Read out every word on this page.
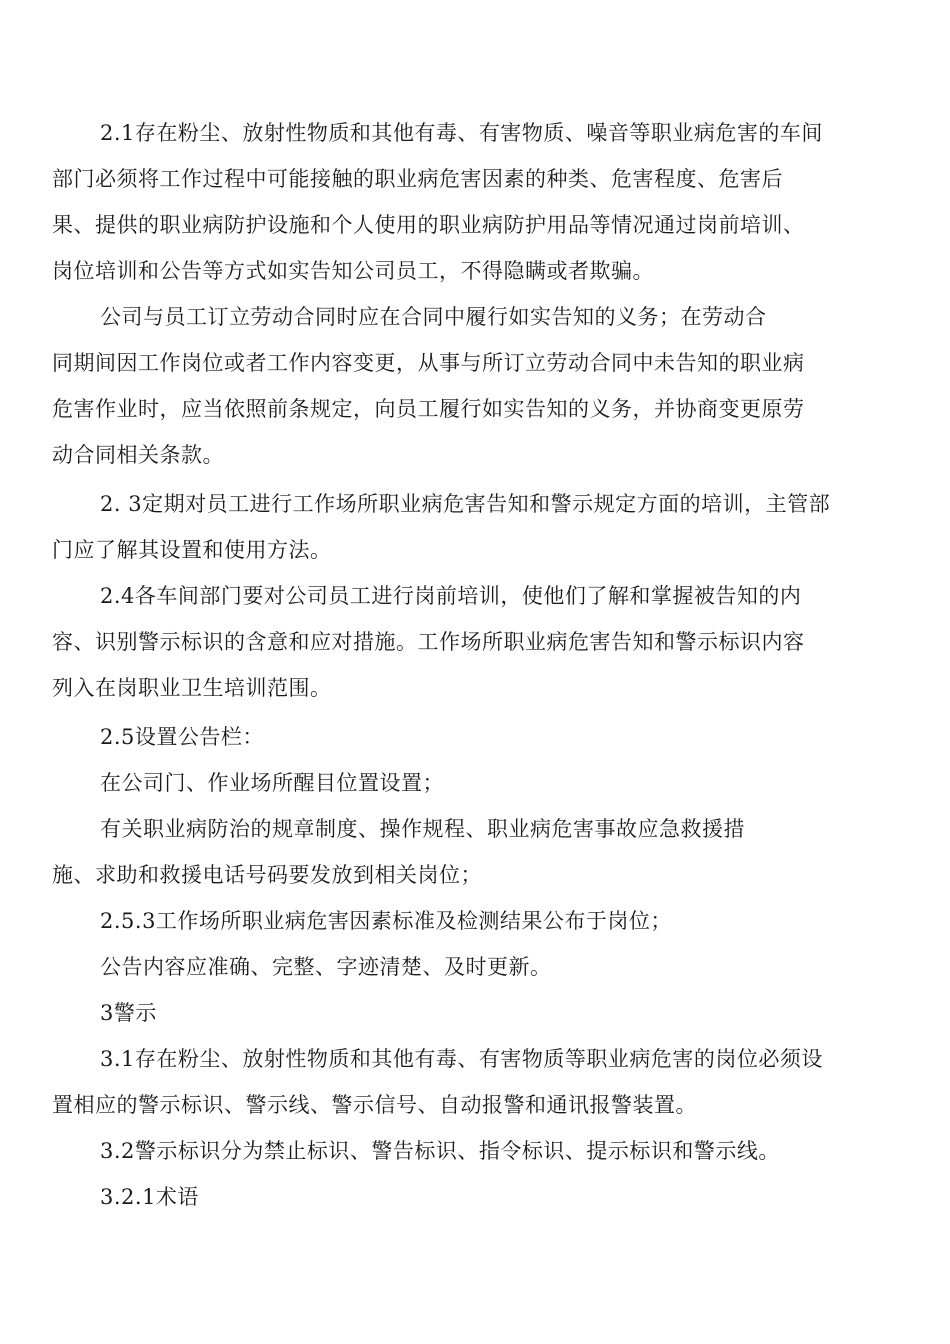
2.1存在粉尘、放射性物质和其他有毒、有害物质、噪音等职业病危害的车间
部门必须将工作过程中可能接触的职业病危害因素的种类、危害程度、危害后
果、提供的职业病防护设施和个人使用的职业病防护用品等情况通过岗前培训、
岗位培训和公告等方式如实告知公司员工，不得隐瞒或者欺骗。
公司与员工订立劳动合同时应在合同中履行如实告知的义务；在劳动合
同期间因工作岗位或者工作内容变更，从事与所订立劳动合同中未告知的职业病
危害作业时，应当依照前条规定，向员工履行如实告知的义务，并协商变更原劳
动合同相关条款。
2. 3定期对员工进行工作场所职业病危害告知和警示规定方面的培训，主管部
门应了解其设置和使用方法。
2.4各车间部门要对公司员工进行岗前培训，使他们了解和掌握被告知的内
容、识别警示标识的含意和应对措施。工作场所职业病危害告知和警示标识内容
列入在岗职业卫生培训范围。
2.5设置公告栏：
在公司门、作业场所醒目位置设置；
有关职业病防治的规章制度、操作规程、职业病危害事故应急救援措
施、求助和救援电话号码要发放到相关岗位；
2.5.3工作场所职业病危害因素标准及检测结果公布于岗位；
公告内容应准确、完整、字迹清楚、及时更新。
3警示
3.1存在粉尘、放射性物质和其他有毒、有害物质等职业病危害的岗位必须设
置相应的警示标识、警示线、警示信号、自动报警和通讯报警装置。
3.2警示标识分为禁止标识、警告标识、指令标识、提示标识和警示线。
3.2.1术语
